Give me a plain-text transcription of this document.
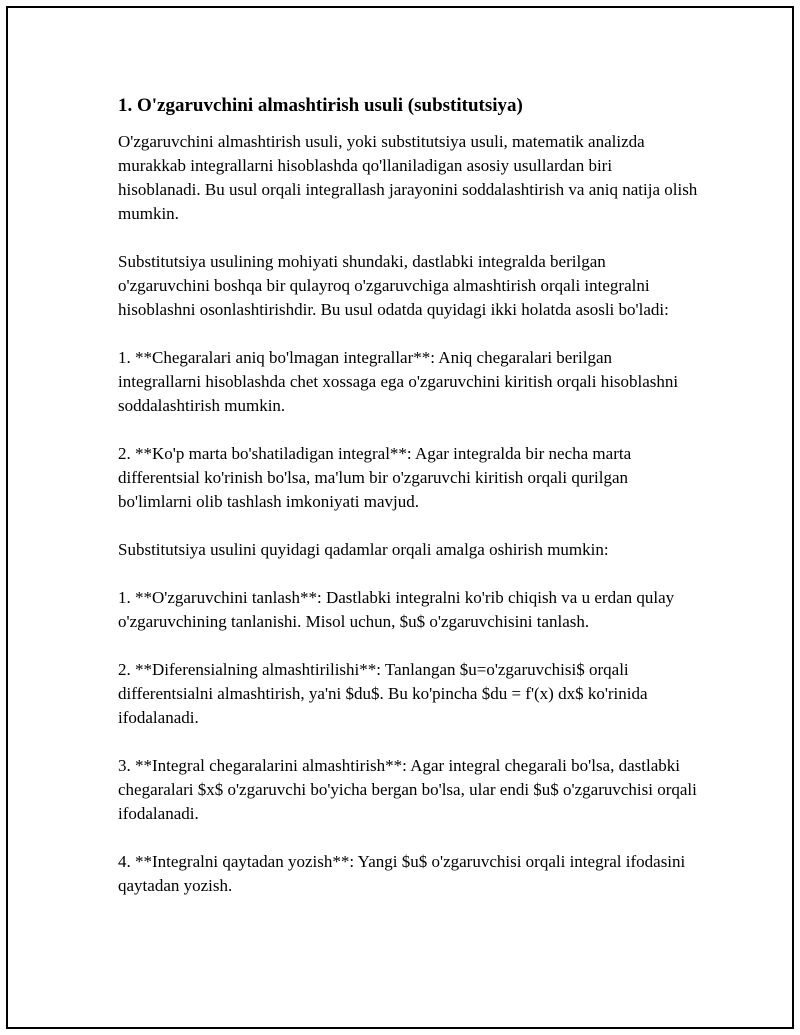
1. O'zgaruvchini almashtirish usuli (substitutsiya)

O'zgaruvchini almashtirish usuli, yoki substitutsiya usuli, matematik analizda murakkab integrallarni hisoblashda qo'llaniladigan asosiy usullardan biri hisoblanadi. Bu usul orqali integrallash jarayonini soddalashtirish va aniq natija olish mumkin.

Substitutsiya usulining mohiyati shundaki, dastlabki integralda berilgan o'zgaruvchini boshqa bir qulayroq o'zgaruvchiga almashtirish orqali integralni hisoblashni osonlashtirishdir. Bu usul odatda quyidagi ikki holatda asosli bo'ladi:

1. **Chegaralari aniq bo'lmagan integrallar**: Aniq chegaralari berilgan integrallarni hisoblashda chet xossaga ega o'zgaruvchini kiritish orqali hisoblashni soddalashtirish mumkin.

2. **Ko'p marta bo'shatiladigan integral**: Agar integralda bir necha marta differentsial ko'rinish bo'lsa, ma'lum bir o'zgaruvchi kiritish orqali qurilgan bo'limlarni olib tashlash imkoniyati mavjud.

Substitutsiya usulini quyidagi qadamlar orqali amalga oshirish mumkin:

1. **O'zgaruvchini tanlash**: Dastlabki integralni ko'rib chiqish va u erdan qulay o'zgaruvchining tanlanishi. Misol uchun, $u$ o'zgaruvchisini tanlash.

2. **Diferensialning almashtirilishi**: Tanlangan $u=o'zgaruvchisi$ orqali differentsialni almashtirish, ya'ni $du$. Bu ko'pincha $du = f'(x) dx$ ko'rinida ifodalanadi.

3. **Integral chegaralarini almashtirish**: Agar integral chegarali bo'lsa, dastlabki chegaralari $x$ o'zgaruvchi bo'yicha bergan bo'lsa, ular endi $u$ o'zgaruvchisi orqali ifodalanadi.

4. **Integralni qaytadan yozish**: Yangi $u$ o'zgaruvchisi orqali integral ifodasini qaytadan yozish.
